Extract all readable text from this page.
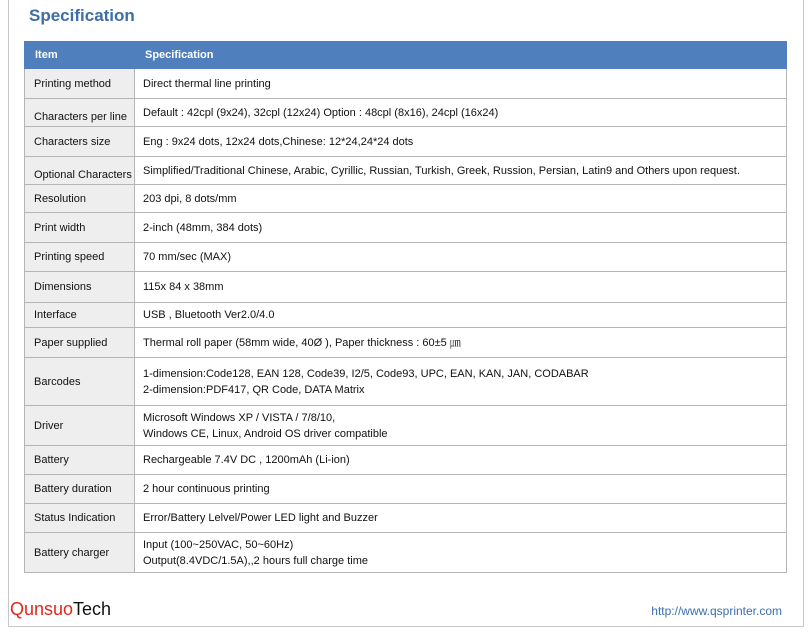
Specification
Item	Specification
Printing method	Direct thermal line printing

Characters per line	Default : 42cpl (9x24), 32cpl (12x24) Option : 48cpl (8x16), 24cpl (16x24)

Characters size	Eng : 9x24 dots, 12x24 dots,Chinese: 12*24,24*24 dots

Optional Characters	Simplified/Traditional Chinese, Arabic, Cyrillic, Russian, Turkish, Greek, Russion, Persian, Latin9 and Others upon request.

Resolution	203 dpi, 8 dots/mm

Print width	2-inch (48mm, 384 dots)

Printing speed	70 mm/sec (MAX)

Dimensions	115x 84 x 38mm

Interface	USB , Bluetooth Ver2.0/4.0

Paper supplied	Thermal roll paper (58mm wide, 40Ø ), Paper thickness : 60±5 ㎛

Barcodes	1-dimension:Code128, EAN 128, Code39, I2/5, Code93, UPC, EAN, KAN, JAN, CODABAR
2-dimension:PDF417, QR Code, DATA Matrix

Driver	Microsoft Windows XP / VISTA / 7/8/10,
Windows CE, Linux, Android OS driver compatible

Battery	Rechargeable 7.4V DC , 1200mAh (Li-ion)

Battery duration	2 hour continuous printing

Status Indication	Error/Battery Lelvel/Power LED light and Buzzer

Battery charger	Input (100~250VAC, 50~60Hz)
Output(8.4VDC/1.5A),,2 hours full charge time
QunsuoTech	http://www.qsprinter.com
